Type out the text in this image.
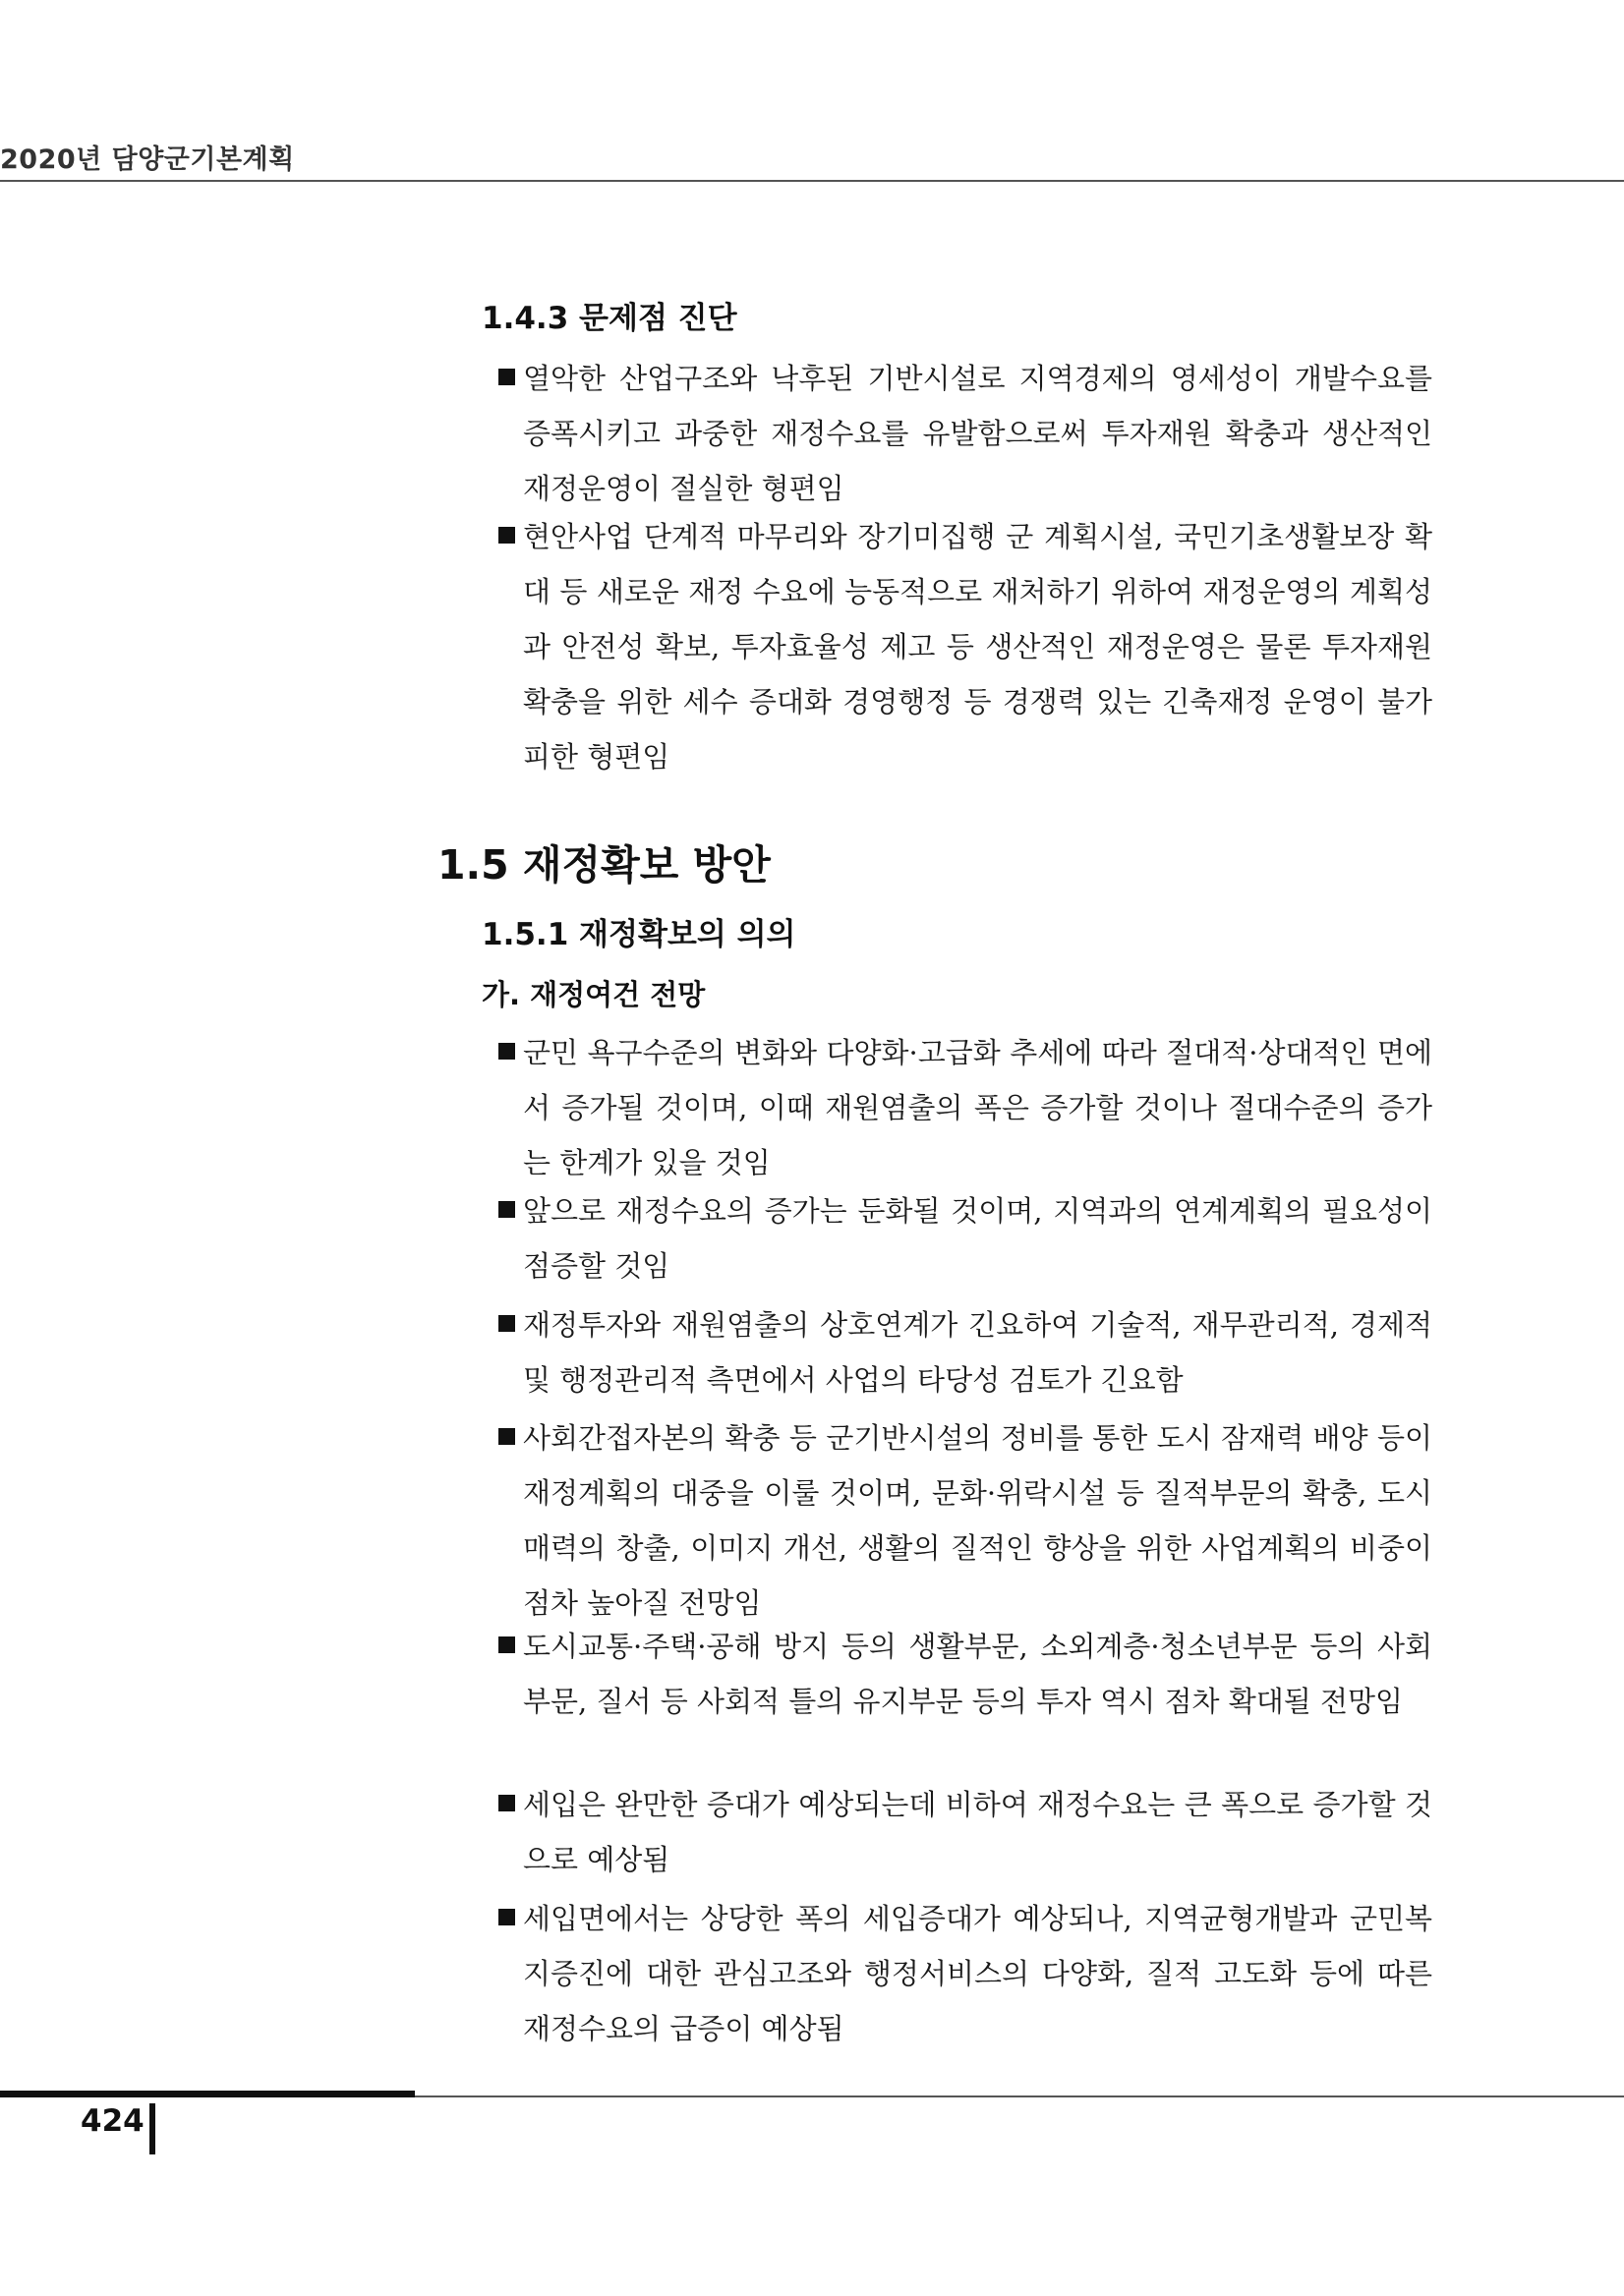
2020년 담양군기본계획
1.4.3 문제점 진단
열악한 산업구조와 낙후된 기반시설로 지역경제의 영세성이 개발수요를 증폭시키고 과중한 재정수요를 유발함으로써 투자재원 확충과 생산적인 재정운영이 절실한 형편임
현안사업 단계적 마무리와 장기미집행 군 계획시설, 국민기초생활보장 확대 등 새로운 재정 수요에 능동적으로 재처하기 위하여 재정운영의 계획성과 안전성 확보, 투자효율성 제고 등 생산적인 재정운영은 물론 투자재원 확충을 위한 세수 증대화 경영행정 등 경쟁력 있는 긴축재정 운영이 불가피한 형편임
1.5 재정확보 방안
1.5.1 재정확보의 의의
가. 재정여건 전망
군민 욕구수준의 변화와 다양화·고급화 추세에 따라 절대적·상대적인 면에서 증가될 것이며, 이때 재원염출의 폭은 증가할 것이나 절대수준의 증가는 한계가 있을 것임
앞으로 재정수요의 증가는 둔화될 것이며, 지역과의 연계계획의 필요성이 점증할 것임
재정투자와 재원염출의 상호연계가 긴요하여 기술적, 재무관리적, 경제적 및 행정관리적 측면에서 사업의 타당성 검토가 긴요함
사회간접자본의 확충 등 군기반시설의 정비를 통한 도시 잠재력 배양 등이 재정계획의 대중을 이룰 것이며, 문화·위락시설 등 질적부문의 확충, 도시매력의 창출, 이미지 개선, 생활의 질적인 향상을 위한 사업계획의 비중이 점차 높아질 전망임
도시교통·주택·공해 방지 등의 생활부문, 소외계층·청소년부문 등의 사회부문, 질서 등 사회적 틀의 유지부문 등의 투자 역시 점차 확대될 전망임
세입은 완만한 증대가 예상되는데 비하여 재정수요는 큰 폭으로 증가할 것으로 예상됨
세입면에서는 상당한 폭의 세입증대가 예상되나, 지역균형개발과 군민복지증진에 대한 관심고조와 행정서비스의 다양화, 질적 고도화 등에 따른 재정수요의 급증이 예상됨
424
